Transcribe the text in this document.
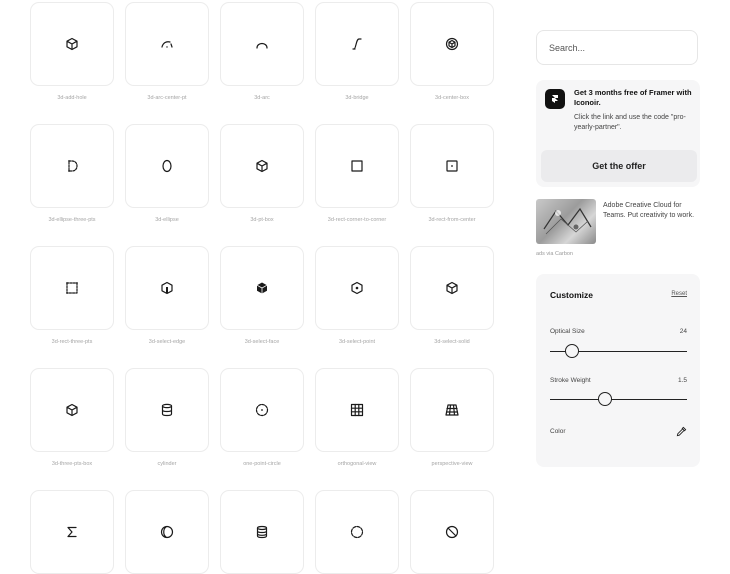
3d-add-hole	3d-arc-center-pt	3d-arc	3d-bridge	3d-center-box
3d-ellipse-three-pts	3d-ellipse	3d-pt-box	3d-rect-corner-to-corner	3d-rect-from-center
3d-rect-three-pts	3d-select-edge	3d-select-face	3d-select-point	3d-select-solid
3d-three-pts-box	cylinder	one-point-circle	orthogonal-view	perspective-view
Search...
Get 3 months free of Framer with Iconoir.
Click the link and use the code "pro-yearly-partner".
Get the offer
Adobe Creative Cloud for Teams. Put creativity to work.
ads via Carbon
Customize	Reset
Optical Size	24
Stroke Weight	1.5
Color
